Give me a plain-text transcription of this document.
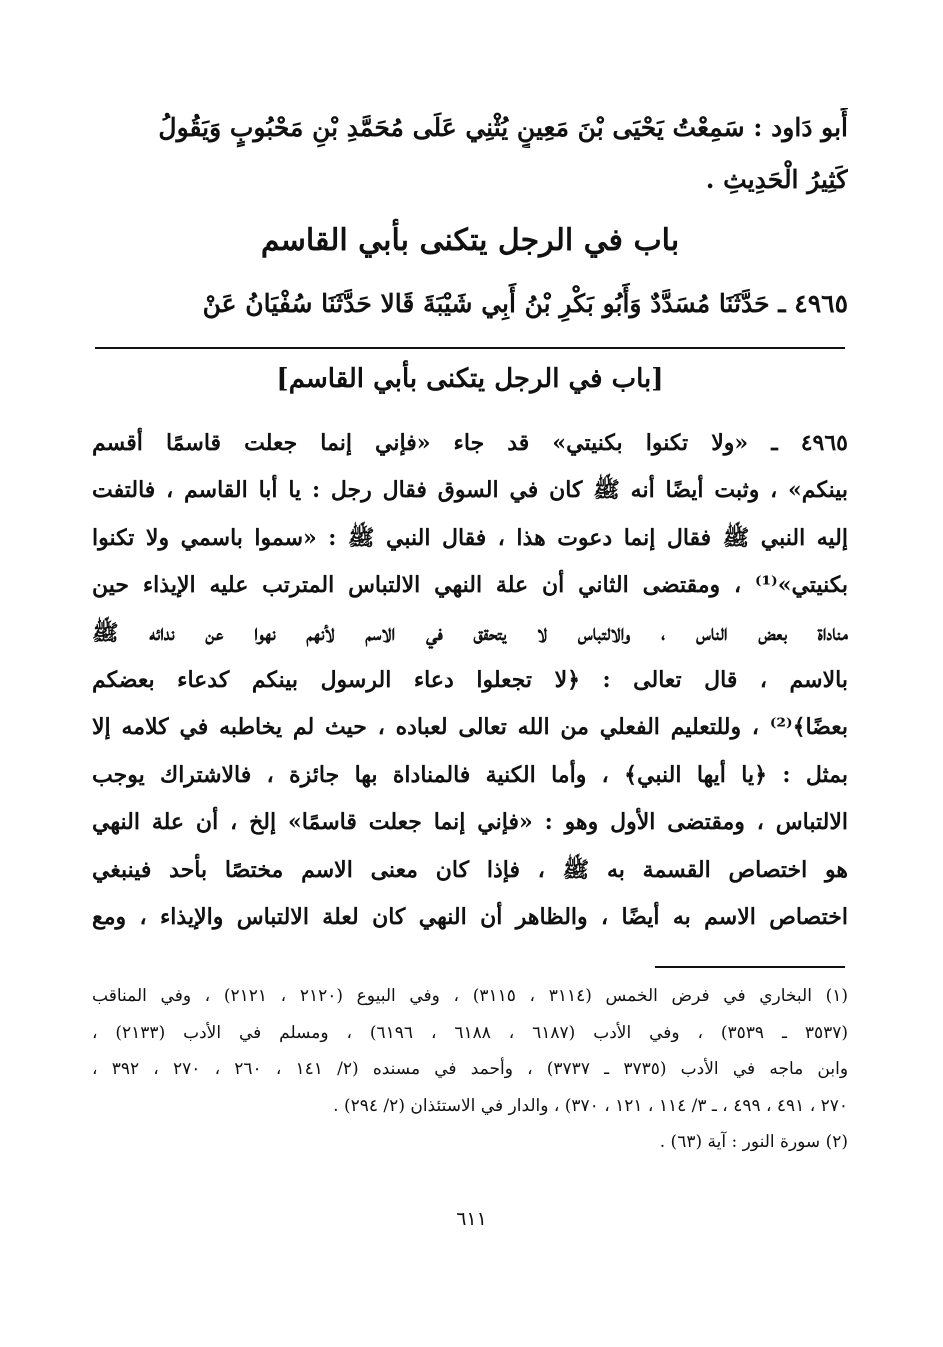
أَبو دَاود : سَمِعْتُ يَحْيَى بْنَ مَعِينٍ يُثْنِي عَلَى مُحَمَّدِ بْنِ مَحْبُوبٍ وَيَقُولُ
كَثِيرُ الْحَدِيثِ .
باب في الرجل يتكنى بأبي القاسم
٤٩٦٥ ـ حَدَّثَنَا مُسَدَّدٌ وَأَبُو بَكْرِ بْنُ أَبِي شَيْبَةَ قَالا حَدَّثَنَا سُفْيَانُ عَنْ
[باب في الرجل يتكنى بأبي القاسم]
٤٩٦٥ ـ «ولا تكنوا بكنيتي» قد جاء «فإني إنما جعلت قاسمًا أقسم
بينكم» ، وثبت أيضًا أنه ﷺ كان في السوق فقال رجل : يا أبا القاسم ، فالتفت
إليه النبي ﷺ فقال إنما دعوت هذا ، فقال النبي ﷺ : «سموا باسمي ولا تكنوا
بكنيتي»⁽¹⁾ ، ومقتضى الثاني أن علة النهي الالتباس المترتب عليه الإيذاء حين
مناداة بعض الناس ، والالتباس لا يتحقق في الاسم لأنهم نهوا عن ندائه ﷺ
بالاسم ، قال تعالى : ﴿لا تجعلوا دعاء الرسول بينكم كدعاء بعضكم
بعضًا﴾⁽²⁾ ، وللتعليم الفعلي من الله تعالى لعباده ، حيث لم يخاطبه في كلامه إلا
بمثل : ﴿يا أيها النبي﴾ ، وأما الكنية فالمناداة بها جائزة ، فالاشتراك يوجب
الالتباس ، ومقتضى الأول وهو : «فإني إنما جعلت قاسمًا» إلخ ، أن علة النهي
هو اختصاص القسمة به ﷺ ، فإذا كان معنى الاسم مختصًا بأحد فينبغي
اختصاص الاسم به أيضًا ، والظاهر أن النهي كان لعلة الالتباس والإيذاء ، ومع
(١) البخاري في فرض الخمس (٣١١٤ ، ٣١١٥) ، وفي البيوع (٢١٢٠ ، ٢١٢١) ، وفي المناقب
(٣٥٣٧ ـ ٣٥٣٩) ، وفي الأدب (٦١٨٧ ، ٦١٨٨ ، ٦١٩٦) ، ومسلم في الأدب (٢١٣٣) ،
وابن ماجه في الأدب (٣٧٣٥ ـ ٣٧٣٧) ، وأحمد في مسنده (٢/ ١٤١ ، ٢٦٠ ، ٢٧٠ ، ٣٩٢ ،
٢٧٠ ، ٤٩١ ، ٤٩٩ ، ـ ٣/ ١١٤ ، ١٢١ ، ٣٧٠) ، والدار في الاستئذان (٢/ ٢٩٤) .
(٢) سورة النور : آية (٦٣) .
٦١١
